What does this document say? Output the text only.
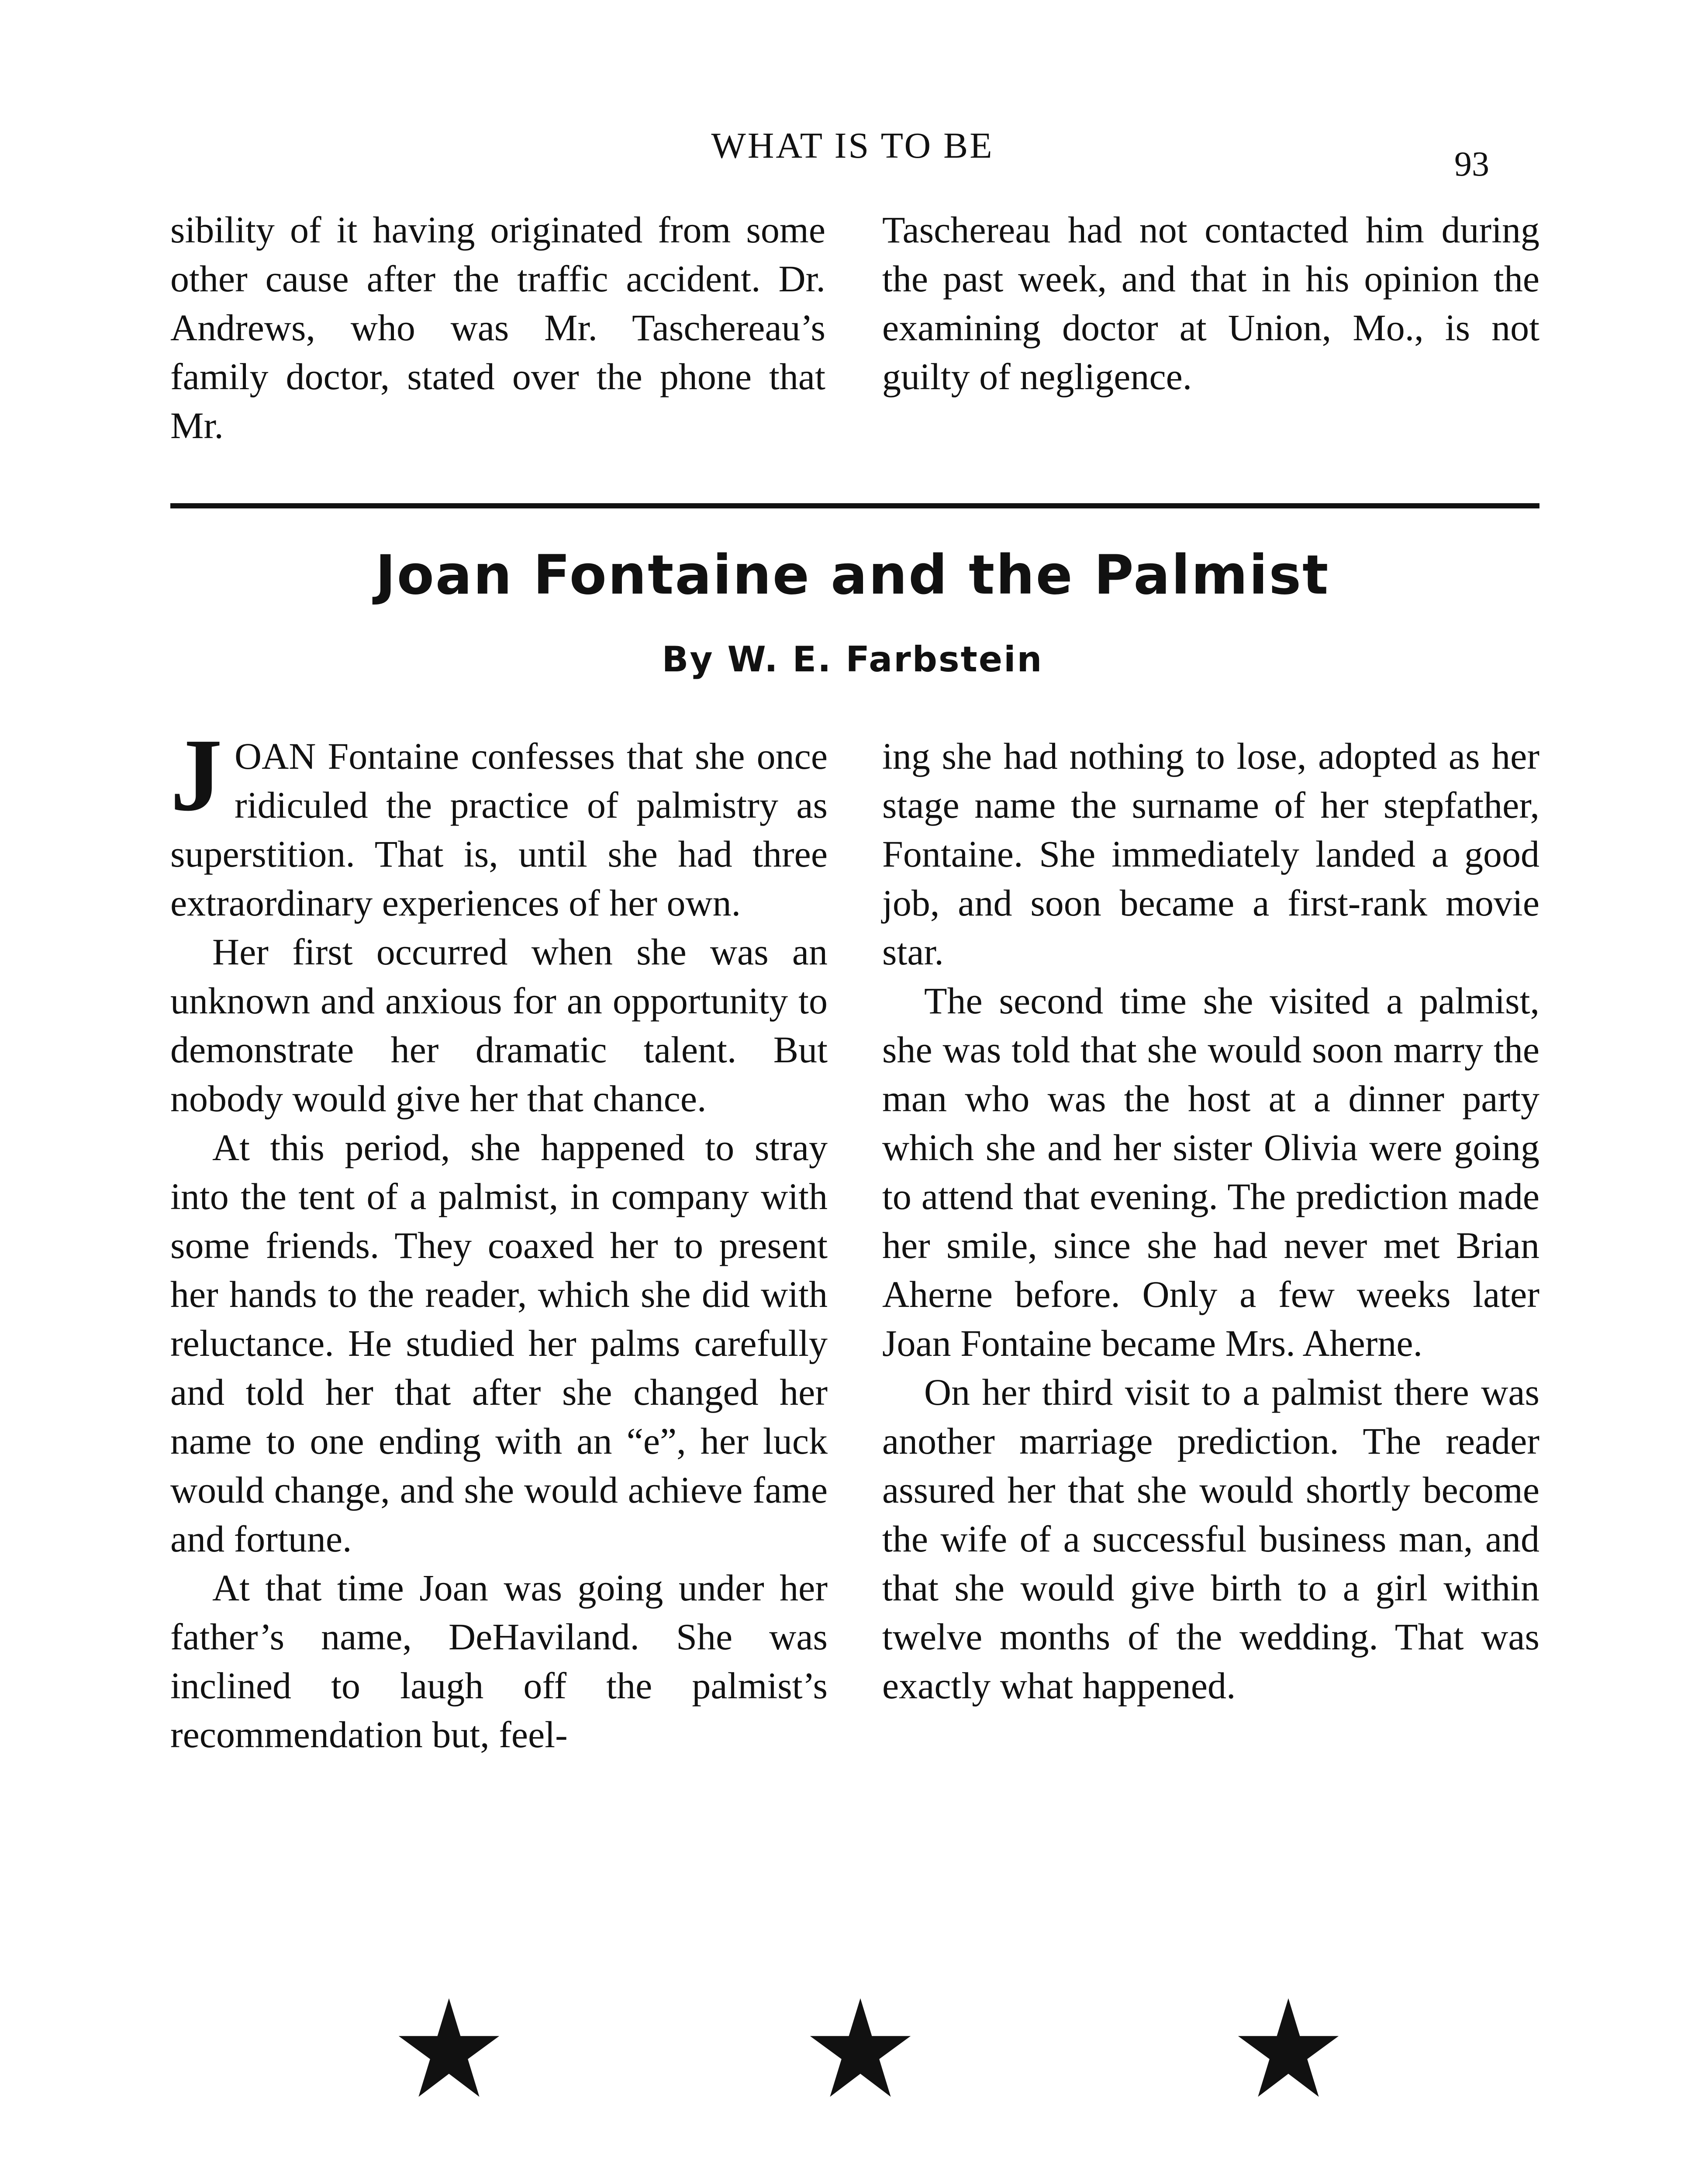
WHAT IS TO BE	93

sibility of it having originated from some other cause after the traffic accident. Dr. Andrews, who was Mr. Taschereau’s family doctor, stated over the phone that Mr.

Taschereau had not contacted him during the past week, and that in his opinion the examining doctor at Union, Mo., is not guilty of negligence.

Joan Fontaine and the Palmist
By W. E. Farbstein

JOAN Fontaine confesses that she once ridiculed the practice of palmistry as superstition. That is, until she had three extraordinary experiences of her own.

Her first occurred when she was an unknown and anxious for an opportunity to demonstrate her dramatic talent. But nobody would give her that chance.

At this period, she happened to stray into the tent of a palmist, in company with some friends. They coaxed her to present her hands to the reader, which she did with reluctance. He studied her palms carefully and told her that after she changed her name to one ending with an “e”, her luck would change, and she would achieve fame and fortune.

At that time Joan was going under her father’s name, DeHaviland. She was inclined to laugh off the palmist’s recommendation but, feel-

ing she had nothing to lose, adopted as her stage name the surname of her stepfather, Fontaine. She immediately landed a good job, and soon became a first-rank movie star.

The second time she visited a palmist, she was told that she would soon marry the man who was the host at a dinner party which she and her sister Olivia were going to attend that evening. The prediction made her smile, since she had never met Brian Aherne before. Only a few weeks later Joan Fontaine became Mrs. Aherne.

On her third visit to a palmist there was another marriage prediction. The reader assured her that she would shortly become the wife of a successful business man, and that she would give birth to a girl within twelve months of the wedding. That was exactly what happened.
